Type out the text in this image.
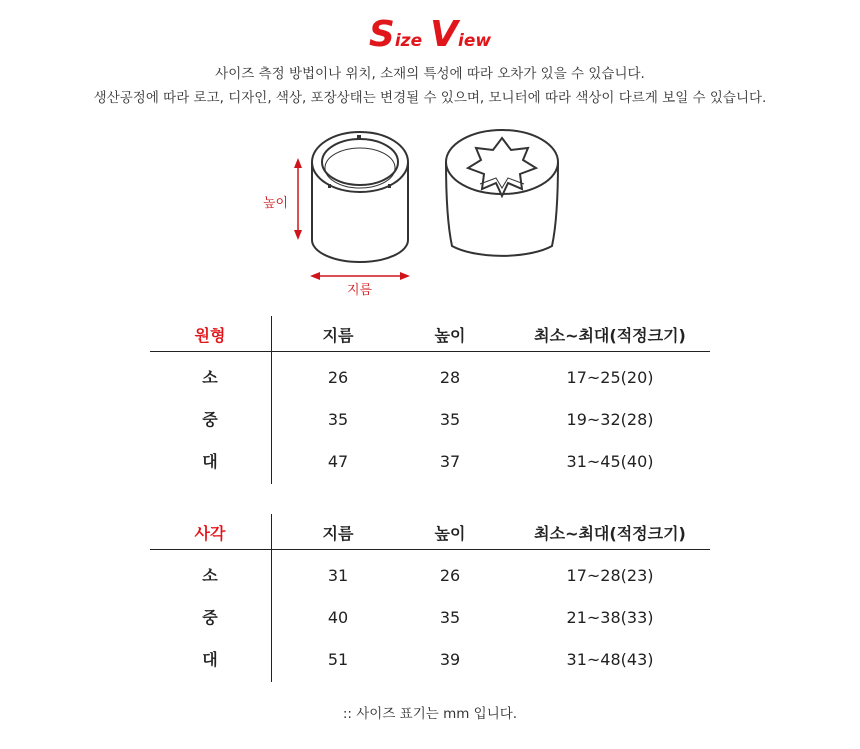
Size View
사이즈 측정 방법이나 위치, 소재의 특성에 따라 오차가 있을 수 있습니다.
생산공정에 따라 로고, 디자인, 색상, 포장상태는 변경될 수 있으며, 모니터에 따라 색상이 다르게 보일 수 있습니다.
높이
지름
원형	지름	높이	최소~최대(적정크기)
소	26	28	17~25(20)
중	35	35	19~32(28)
대	47	37	31~45(40)
사각	지름	높이	최소~최대(적정크기)
소	31	26	17~28(23)
중	40	35	21~38(33)
대	51	39	31~48(43)
:: 사이즈 표기는 mm 입니다.
